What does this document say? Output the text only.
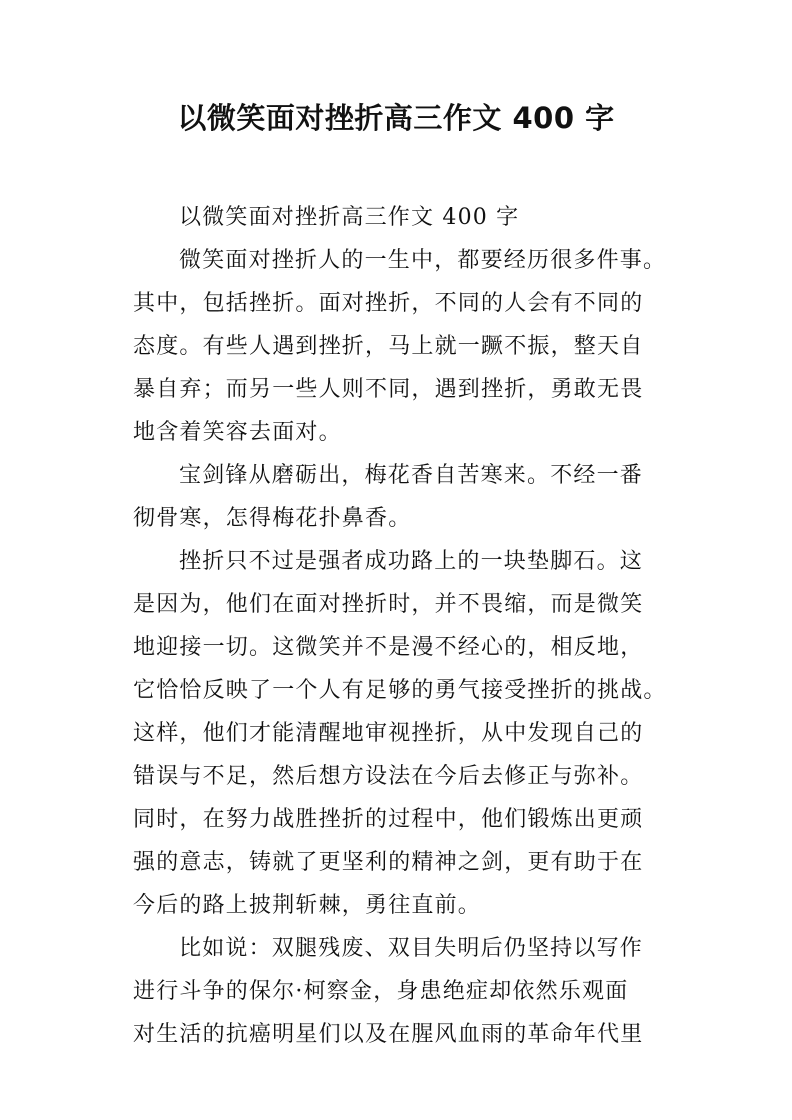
以微笑面对挫折高三作文 400 字
以微笑面对挫折高三作文 400 字
微笑面对挫折人的一生中，都要经历很多件事。
其中，包括挫折。面对挫折，不同的人会有不同的
态度。有些人遇到挫折，马上就一蹶不振，整天自
暴自弃；而另一些人则不同，遇到挫折，勇敢无畏
地含着笑容去面对。
宝剑锋从磨砺出，梅花香自苦寒来。不经一番
彻骨寒，怎得梅花扑鼻香。
挫折只不过是强者成功路上的一块垫脚石。这
是因为，他们在面对挫折时，并不畏缩，而是微笑
地迎接一切。这微笑并不是漫不经心的，相反地，
它恰恰反映了一个人有足够的勇气接受挫折的挑战。
这样，他们才能清醒地审视挫折，从中发现自己的
错误与不足，然后想方设法在今后去修正与弥补。
同时，在努力战胜挫折的过程中，他们锻炼出更顽
强的意志，铸就了更坚利的精神之剑，更有助于在
今后的路上披荆斩棘，勇往直前。
比如说：双腿残废、双目失明后仍坚持以写作
进行斗争的保尔·柯察金，身患绝症却依然乐观面
对生活的抗癌明星们以及在腥风血雨的革命年代里
